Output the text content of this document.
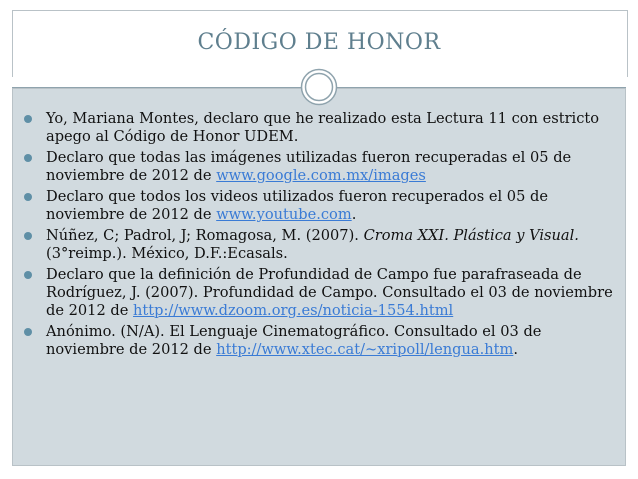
CÓDIGO DE HONOR
Yo, Mariana Montes, declaro que he realizado esta Lectura 11 con estricto apego al Código de Honor UDEM.
Declaro que todas las imágenes utilizadas fueron recuperadas el 05 de noviembre de 2012 de www.google.com.mx/images
Declaro que todos los videos utilizados fueron recuperados el 05 de noviembre de 2012 de www.youtube.com.
Núñez, C; Padrol, J; Romagosa, M. (2007). Croma XXI. Plástica y Visual. (3°reimp.). México, D.F.:Ecasals.
Declaro que la definición de Profundidad de Campo fue parafraseada de Rodríguez, J. (2007). Profundidad de Campo. Consultado el 03 de noviembre de 2012 de http://www.dzoom.org.es/noticia-1554.html
Anónimo. (N/A). El Lenguaje Cinematográfico. Consultado el 03 de noviembre de 2012 de http://www.xtec.cat/~xripoll/lengua.htm.
